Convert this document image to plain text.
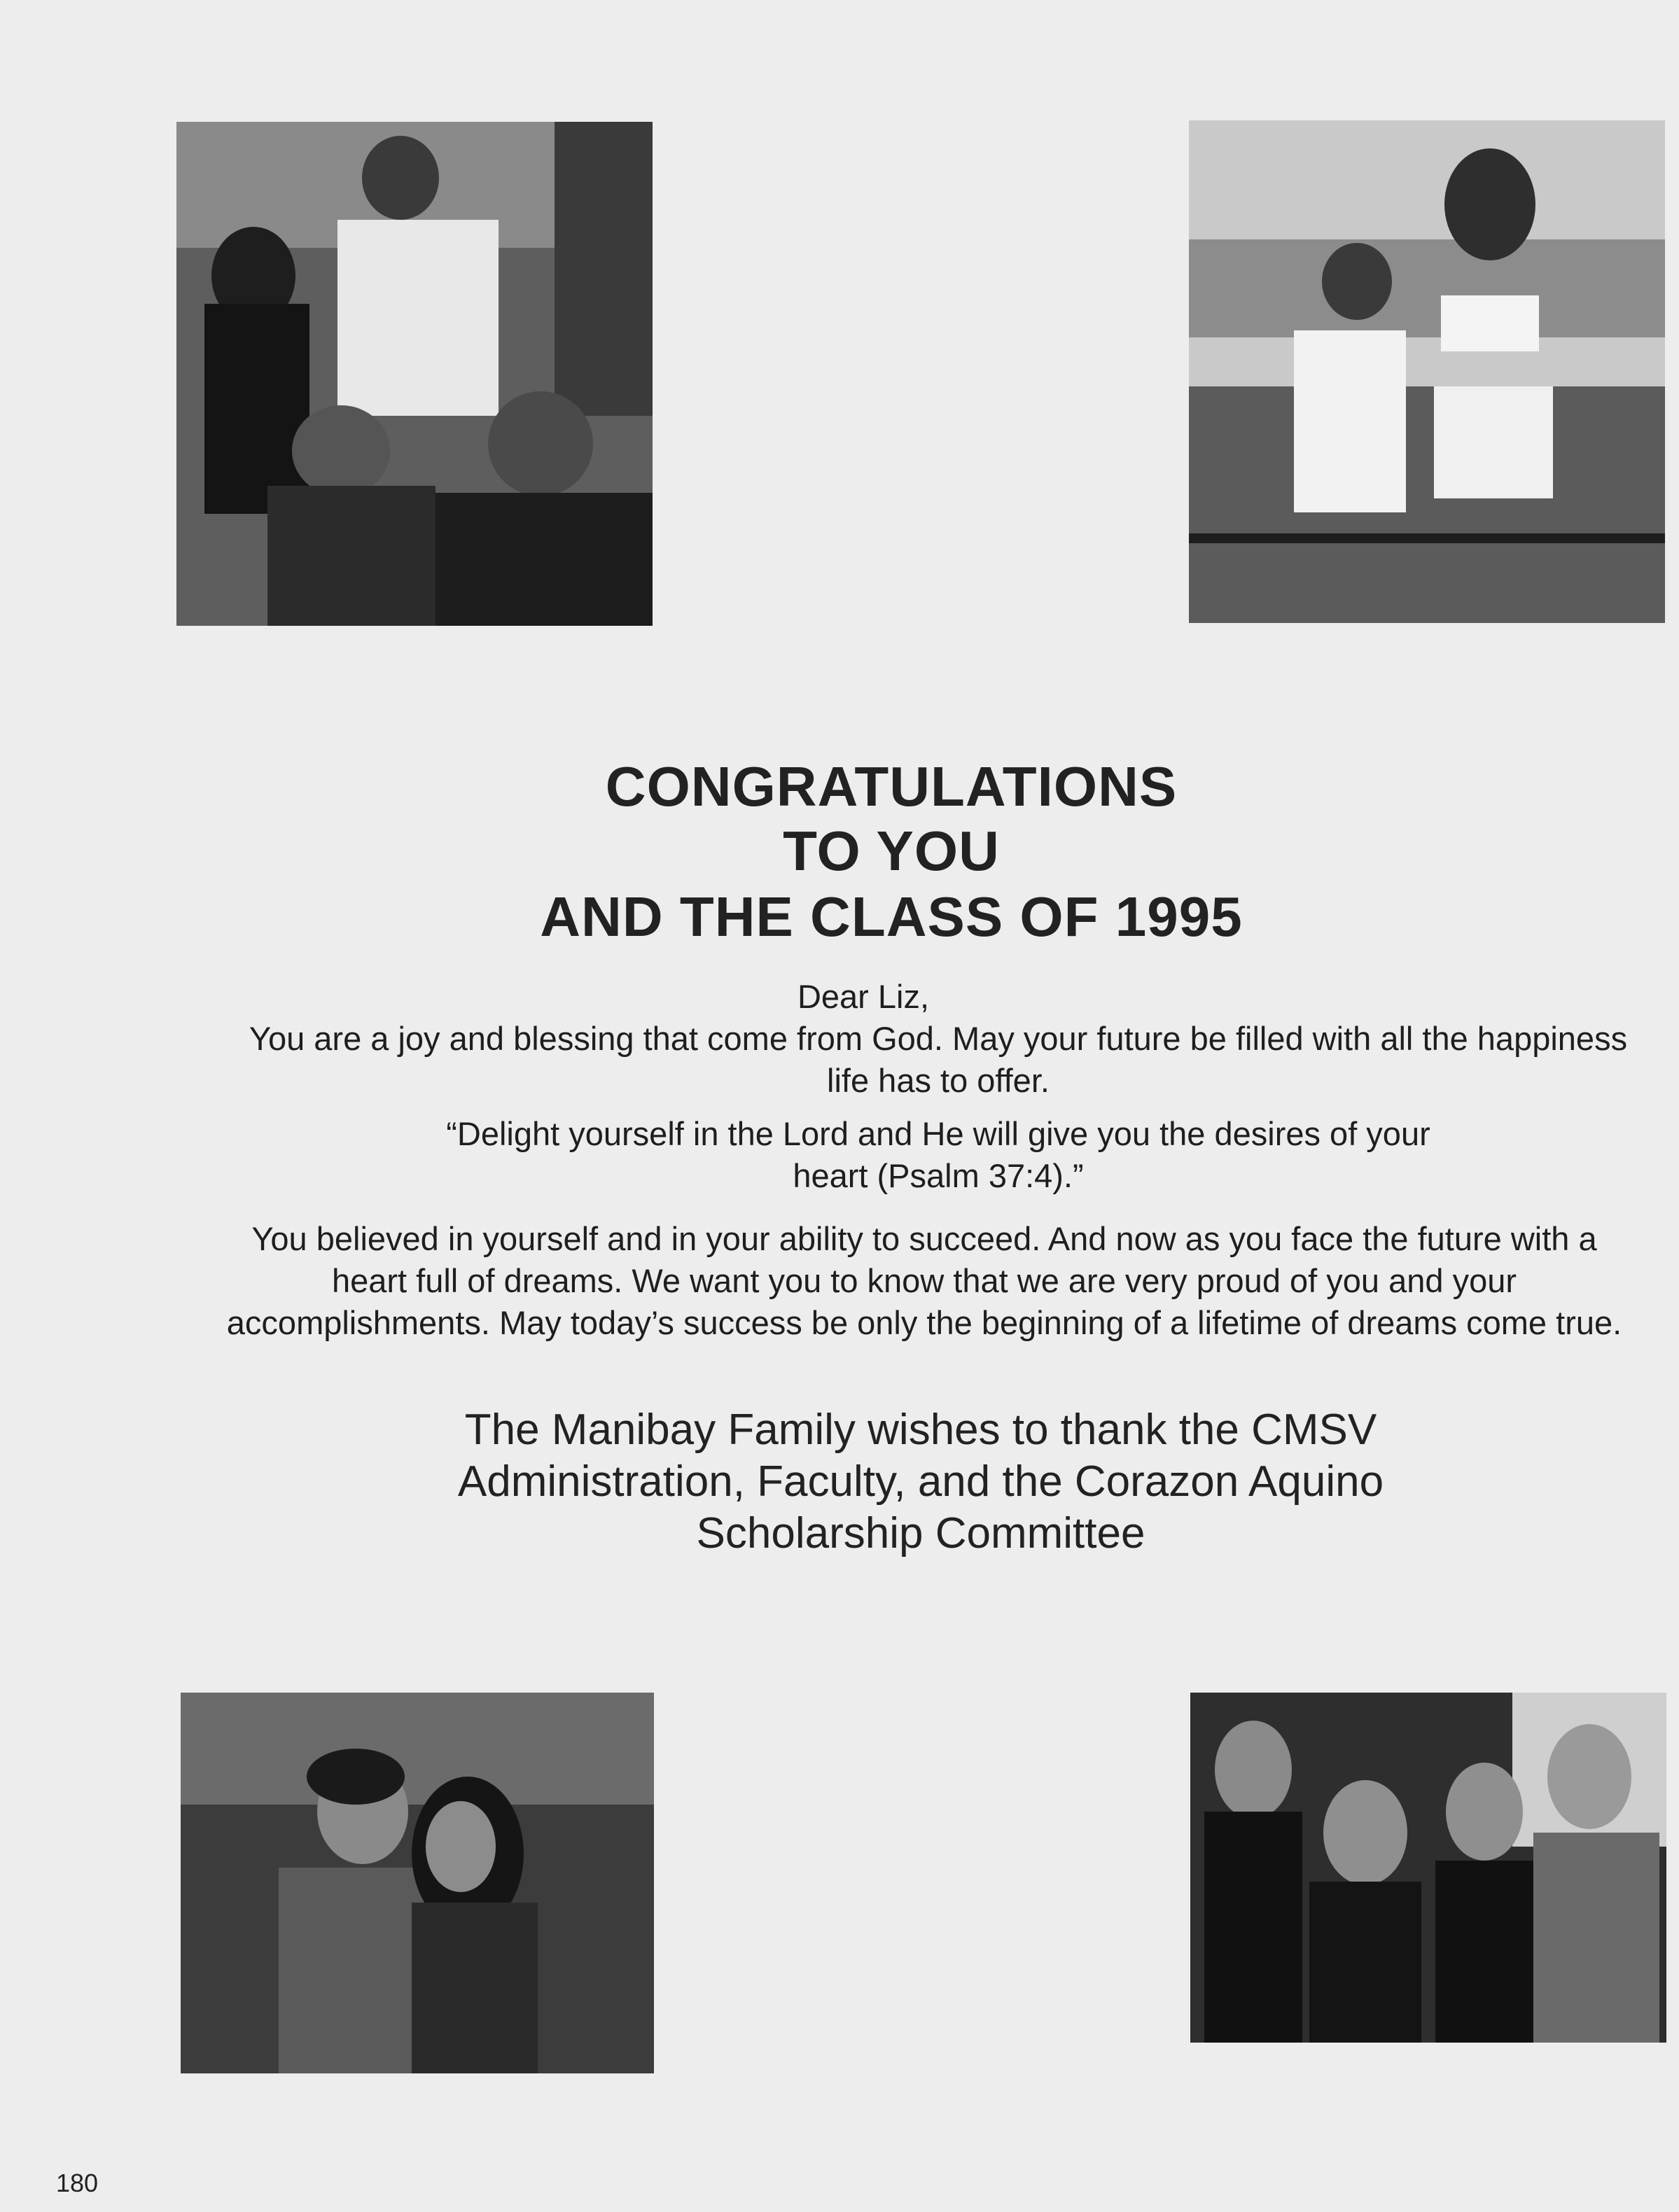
CONGRATULATIONS
TO YOU
AND THE CLASS OF 1995
Dear Liz,
You are a joy and blessing that come from God. May your future be filled with all the happiness life has to offer.
“Delight yourself in the Lord and He will give you the desires of your heart (Psalm 37:4).”
You believed in yourself and in your ability to succeed. And now as you face the future with a heart full of dreams. We want you to know that we are very proud of you and your accomplishments. May today’s success be only the beginning of a lifetime of dreams come true.
The Manibay Family wishes to thank the CMSV Administration, Faculty, and the Corazon Aquino Scholarship Committee
180
